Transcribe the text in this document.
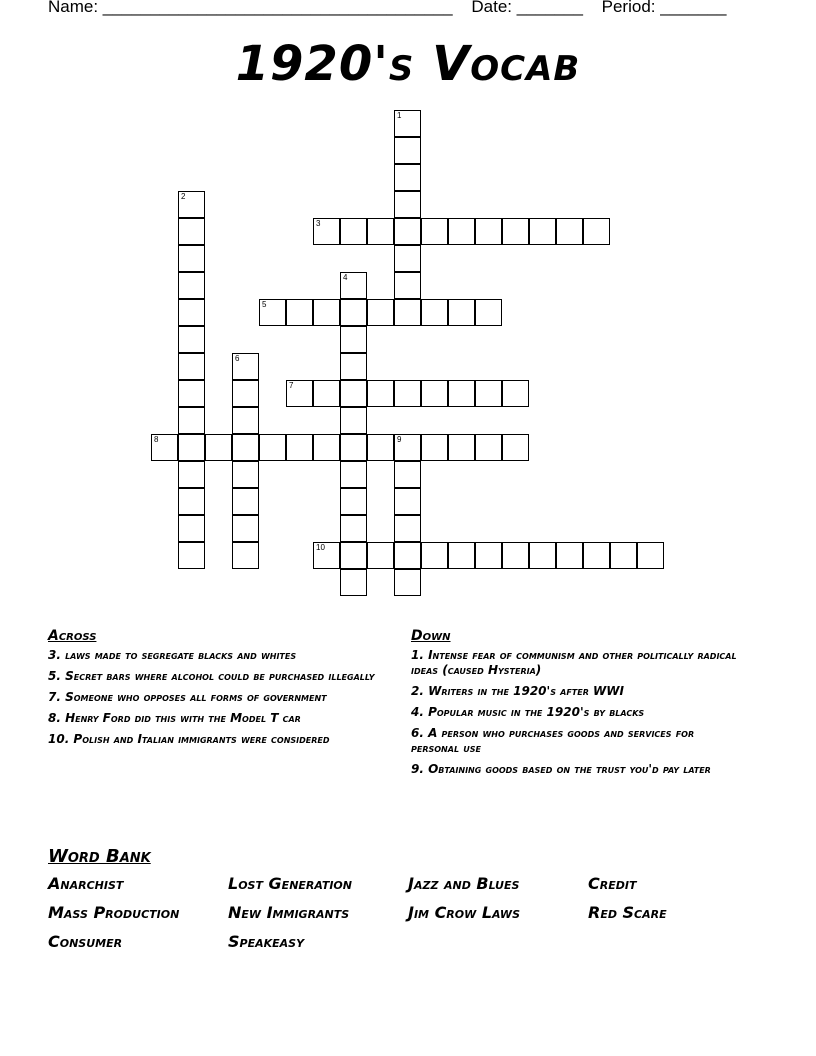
Name: _____________________________________ Date: _______ Period: _______
1920's Vocab
1
2
3
4
5
6
7
8	9
10
Across
3. laws made to segregate blacks and whites
5. Secret bars where alcohol could be purchased illegally
7. Someone who opposes all forms of government
8. Henry Ford did this with the Model T car
10. Polish and Italian immigrants were considered
Down
1. Intense fear of communism and other politically radical ideas (caused Hysteria)
2. Writers in the 1920's after WWI
4. Popular music in the 1920's by blacks
6. A person who purchases goods and services for personal use
9. Obtaining goods based on the trust you'd pay later
Word Bank
Anarchist	Lost Generation	Jazz and Blues	Credit
Mass Production	New Immigrants	Jim Crow Laws	Red Scare
Consumer	Speakeasy
